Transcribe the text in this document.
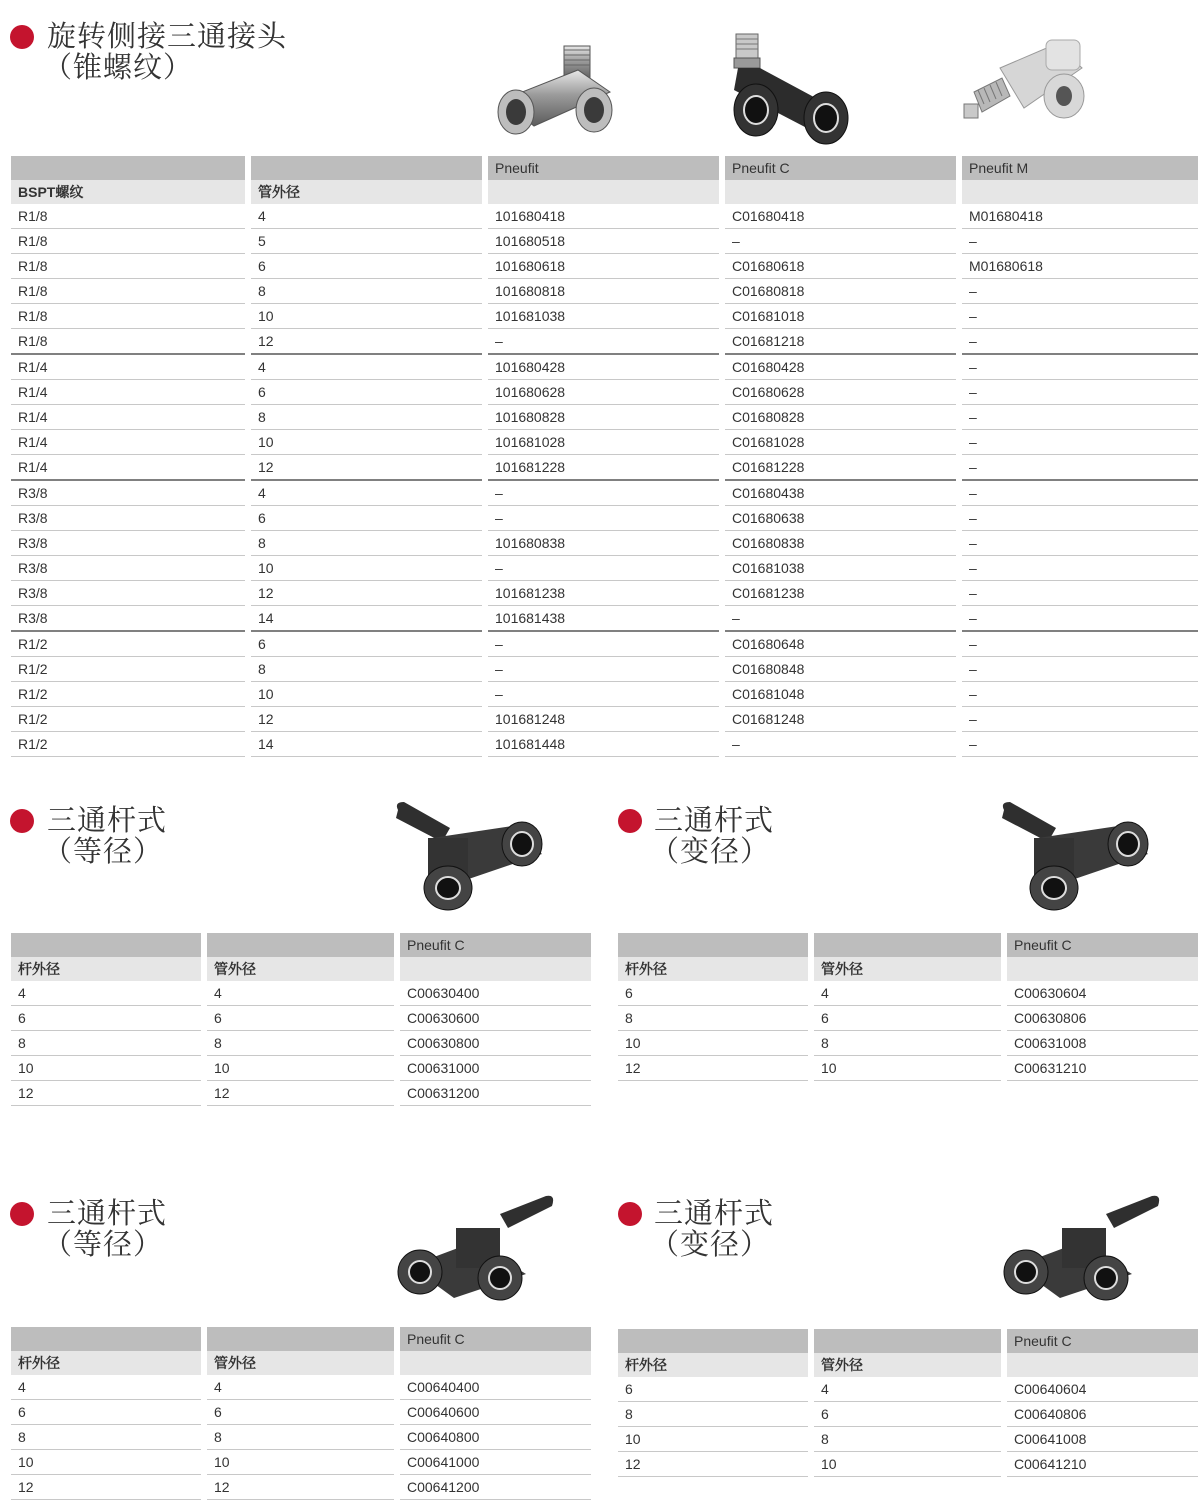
旋转侧接三通接头
（锥螺纹）
		Pneufit	Pneufit C	Pneufit M
BSPT螺纹	管外径			
R1/8	4	101680418	C01680418	M01680418
R1/8	5	101680518	–	–
R1/8	6	101680618	C01680618	M01680618
R1/8	8	101680818	C01680818	–
R1/8	10	101681038	C01681018	–
R1/8	12	–	C01681218	–
R1/4	4	101680428	C01680428	–
R1/4	6	101680628	C01680628	–
R1/4	8	101680828	C01680828	–
R1/4	10	101681028	C01681028	–
R1/4	12	101681228	C01681228	–
R3/8	4	–	C01680438	–
R3/8	6	–	C01680638	–
R3/8	8	101680838	C01680838	–
R3/8	10	–	C01681038	–
R3/8	12	101681238	C01681238	–
R3/8	14	101681438	–	–
R1/2	6	–	C01680648	–
R1/2	8	–	C01680848	–
R1/2	10	–	C01681048	–
R1/2	12	101681248	C01681248	–
R1/2	14	101681448	–	–
三通杆式
（等径）
		Pneufit C
杆外径	管外径	
4	4	C00630400
6	6	C00630600
8	8	C00630800
10	10	C00631000
12	12	C00631200
三通杆式
（变径）
		Pneufit C
杆外径	管外径	
6	4	C00630604
8	6	C00630806
10	8	C00631008
12	10	C00631210
三通杆式
（等径）
		Pneufit C
杆外径	管外径	
4	4	C00640400
6	6	C00640600
8	8	C00640800
10	10	C00641000
12	12	C00641200
三通杆式
（变径）
		Pneufit C
杆外径	管外径	
6	4	C00640604
8	6	C00640806
10	8	C00641008
12	10	C00641210
